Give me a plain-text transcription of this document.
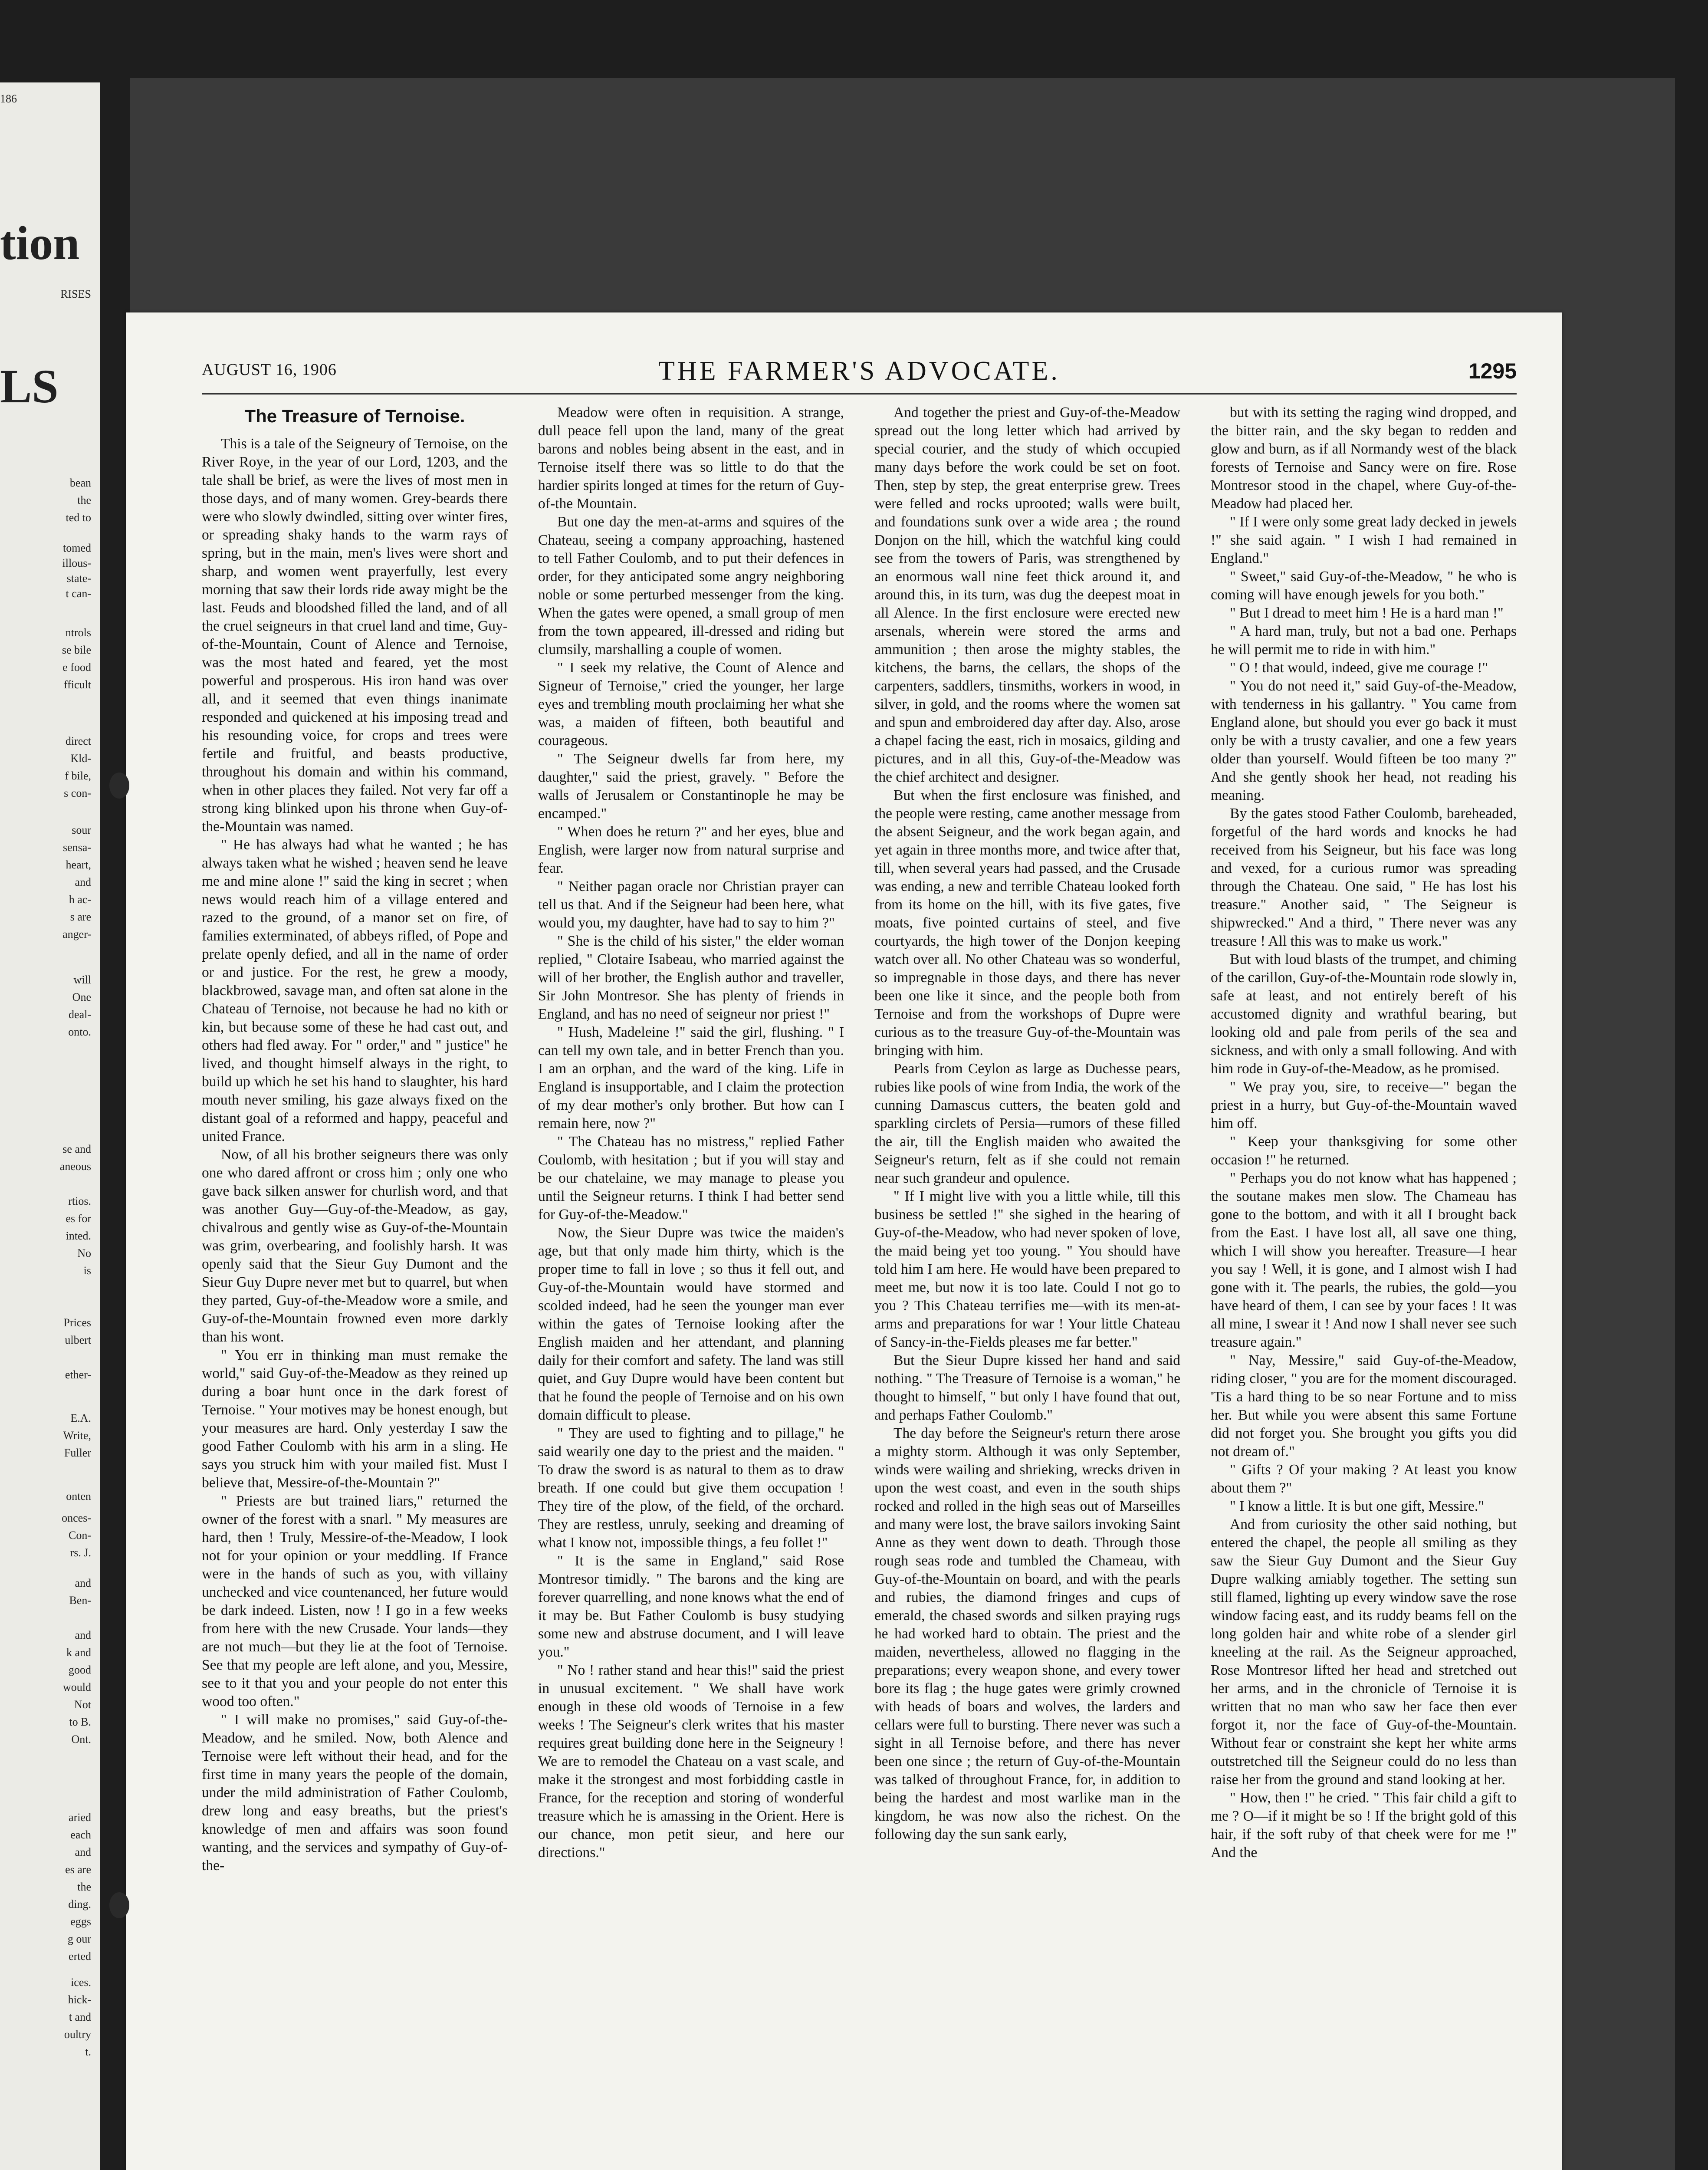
186
tion
RISES
LS
bean
the
ted to
tomed
illous-
state-
t can-
ntrols
se bile
e food
fficult
direct
Kld-
f bile,
s con-
sour
sensa-
heart,
and
h ac-
s are
anger-
will
One
deal-
onto.
se and
aneous
rtios.
es for
inted.
No
is
Prices
ulbert
ether-
E.A.
Write,
Fuller
onten
onces-
Con-
rs. J.
and
Ben-
and
k and
good
would
Not
to B.
Ont.
aried
each
and
es are
the
ding.
eggs
g our
erted
ices.
hick-
t and
oultry
t.
AUGUST 16, 1906	THE FARMER'S ADVOCATE.	1295
The Treasure of Ternoise.

This is a tale of the Seigneury of Ternoise, on the River Roye, in the year of our Lord, 1203, and the tale shall be brief, as were the lives of most men in those days, and of many women. Grey-beards there were who slowly dwindled, sitting over winter fires, or spreading shaky hands to the warm rays of spring, but in the main, men's lives were short and sharp, and women went prayerfully, lest every morning that saw their lords ride away might be the last. Feuds and bloodshed filled the land, and of all the cruel seigneurs in that cruel land and time, Guy-of-the-Mountain, Count of Alence and Ternoise, was the most hated and feared, yet the most powerful and prosperous. His iron hand was over all, and it seemed that even things inanimate responded and quickened at his imposing tread and his resounding voice, for crops and trees were fertile and fruitful, and beasts productive, throughout his domain and within his command, when in other places they failed. Not very far off a strong king blinked upon his throne when Guy-of-the-Mountain was named.

" He has always had what he wanted ; he has always taken what he wished ; heaven send he leave me and mine alone !" said the king in secret ; when news would reach him of a village entered and razed to the ground, of a manor set on fire, of families exterminated, of abbeys rifled, of Pope and prelate openly defied, and all in the name of order or and justice. For the rest, he grew a moody, blackbrowed, savage man, and often sat alone in the Chateau of Ternoise, not because he had no kith or kin, but because some of these he had cast out, and others had fled away. For " order," and " justice" he lived, and thought himself always in the right, to build up which he set his hand to slaughter, his hard mouth never smiling, his gaze always fixed on the distant goal of a reformed and happy, peaceful and united France.

Now, of all his brother seigneurs there was only one who dared affront or cross him ; only one who gave back silken answer for churlish word, and that was another Guy—Guy-of-the-Meadow, as gay, chivalrous and gently wise as Guy-of-the-Mountain was grim, overbearing, and foolishly harsh. It was openly said that the Sieur Guy Dumont and the Sieur Guy Dupre never met but to quarrel, but when they parted, Guy-of-the-Meadow wore a smile, and Guy-of-the-Mountain frowned even more darkly than his wont.

" You err in thinking man must remake the world," said Guy-of-the-Meadow as they reined up during a boar hunt once in the dark forest of Ternoise. " Your motives may be honest enough, but your measures are hard. Only yesterday I saw the good Father Coulomb with his arm in a sling. He says you struck him with your mailed fist. Must I believe that, Messire-of-the-Mountain ?"

" Priests are but trained liars," returned the owner of the forest with a snarl. " My measures are hard, then ! Truly, Messire-of-the-Meadow, I look not for your opinion or your meddling. If France were in the hands of such as you, with villainy unchecked and vice countenanced, her future would be dark indeed. Listen, now ! I go in a few weeks from here with the new Crusade. Your lands—they are not much—but they lie at the foot of Ternoise. See that my people are left alone, and you, Messire, see to it that you and your people do not enter this wood too often."

" I will make no promises," said Guy-of-the-Meadow, and he smiled. Now, both Alence and Ternoise were left without their head, and for the first time in many years the people of the domain, under the mild administration of Father Coulomb, drew long and easy breaths, but the priest's knowledge of men and affairs was soon found wanting, and the services and sympathy of Guy-of-the-

Meadow were often in requisition. A strange, dull peace fell upon the land, many of the great barons and nobles being absent in the east, and in Ternoise itself there was so little to do that the hardier spirits longed at times for the return of Guy-of-the Mountain.

But one day the men-at-arms and squires of the Chateau, seeing a company approaching, hastened to tell Father Coulomb, and to put their defences in order, for they anticipated some angry neighboring noble or some perturbed messenger from the king. When the gates were opened, a small group of men from the town appeared, ill-dressed and riding but clumsily, marshalling a couple of women.

" I seek my relative, the Count of Alence and Signeur of Ternoise," cried the younger, her large eyes and trembling mouth proclaiming her what she was, a maiden of fifteen, both beautiful and courageous.

" The Seigneur dwells far from here, my daughter," said the priest, gravely. " Before the walls of Jerusalem or Constantinople he may be encamped."

" When does he return ?" and her eyes, blue and English, were larger now from natural surprise and fear.

" Neither pagan oracle nor Christian prayer can tell us that. And if the Seigneur had been here, what would you, my daughter, have had to say to him ?"

" She is the child of his sister," the elder woman replied, " Clotaire Isabeau, who married against the will of her brother, the English author and traveller, Sir John Montresor. She has plenty of friends in England, and has no need of seigneur nor priest !"

" Hush, Madeleine !" said the girl, flushing. " I can tell my own tale, and in better French than you. I am an orphan, and the ward of the king. Life in England is insupportable, and I claim the protection of my dear mother's only brother. But how can I remain here, now ?"

" The Chateau has no mistress," replied Father Coulomb, with hesitation ; but if you will stay and be our chatelaine, we may manage to please you until the Seigneur returns. I think I had better send for Guy-of-the-Meadow."

Now, the Sieur Dupre was twice the maiden's age, but that only made him thirty, which is the proper time to fall in love ; so thus it fell out, and Guy-of-the-Mountain would have stormed and scolded indeed, had he seen the younger man ever within the gates of Ternoise looking after the English maiden and her attendant, and planning daily for their comfort and safety. The land was still quiet, and Guy Dupre would have been content but that he found the people of Ternoise and on his own domain difficult to please.

" They are used to fighting and to pillage," he said wearily one day to the priest and the maiden. " To draw the sword is as natural to them as to draw breath. If one could but give them occupation ! They tire of the plow, of the field, of the orchard. They are restless, unruly, seeking and dreaming of what I know not, impossible things, a feu follet !"

" It is the same in England," said Rose Montresor timidly. " The barons and the king are forever quarrelling, and none knows what the end of it may be. But Father Coulomb is busy studying some new and abstruse document, and I will leave you."

" No ! rather stand and hear this!" said the priest in unusual excitement. " We shall have work enough in these old woods of Ternoise in a few weeks ! The Seigneur's clerk writes that his master requires great building done here in the Seigneury ! We are to remodel the Chateau on a vast scale, and make it the strongest and most forbidding castle in France, for the reception and storing of wonderful treasure which he is amassing in the Orient. Here is our chance, mon petit sieur, and here our directions."

And together the priest and Guy-of-the-Meadow spread out the long letter which had arrived by special courier, and the study of which occupied many days before the work could be set on foot. Then, step by step, the great enterprise grew. Trees were felled and rocks uprooted; walls were built, and foundations sunk over a wide area ; the round Donjon on the hill, which the watchful king could see from the towers of Paris, was strengthened by an enormous wall nine feet thick around it, and around this, in its turn, was dug the deepest moat in all Alence. In the first enclosure were erected new arsenals, wherein were stored the arms and ammunition ; then arose the mighty stables, the kitchens, the barns, the cellars, the shops of the carpenters, saddlers, tinsmiths, workers in wood, in silver, in gold, and the rooms where the women sat and spun and embroidered day after day. Also, arose a chapel facing the east, rich in mosaics, gilding and pictures, and in all this, Guy-of-the-Meadow was the chief architect and designer.

But when the first enclosure was finished, and the people were resting, came another message from the absent Seigneur, and the work began again, and yet again in three months more, and twice after that, till, when several years had passed, and the Crusade was ending, a new and terrible Chateau looked forth from its home on the hill, with its five gates, five moats, five pointed curtains of steel, and five courtyards, the high tower of the Donjon keeping watch over all. No other Chateau was so wonderful, so impregnable in those days, and there has never been one like it since, and the people both from Ternoise and from the workshops of Dupre were curious as to the treasure Guy-of-the-Mountain was bringing with him.

Pearls from Ceylon as large as Duchesse pears, rubies like pools of wine from India, the work of the cunning Damascus cutters, the beaten gold and sparkling circlets of Persia—rumors of these filled the air, till the English maiden who awaited the Seigneur's return, felt as if she could not remain near such grandeur and opulence.

" If I might live with you a little while, till this business be settled !" she sighed in the hearing of Guy-of-the-Meadow, who had never spoken of love, the maid being yet too young. " You should have told him I am here. He would have been prepared to meet me, but now it is too late. Could I not go to you ? This Chateau terrifies me—with its men-at-arms and preparations for war ! Your little Chateau of Sancy-in-the-Fields pleases me far better."

But the Sieur Dupre kissed her hand and said nothing. " The Treasure of Ternoise is a woman," he thought to himself, " but only I have found that out, and perhaps Father Coulomb."

The day before the Seigneur's return there arose a mighty storm. Although it was only September, winds were wailing and shrieking, wrecks driven in upon the west coast, and even in the south ships rocked and rolled in the high seas out of Marseilles and many were lost, the brave sailors invoking Saint Anne as they went down to death. Through those rough seas rode and tumbled the Chameau, with Guy-of-the-Mountain on board, and with the pearls and rubies, the diamond fringes and cups of emerald, the chased swords and silken praying rugs he had worked hard to obtain. The priest and the maiden, nevertheless, allowed no flagging in the preparations; every weapon shone, and every tower bore its flag ; the huge gates were grimly crowned with heads of boars and wolves, the larders and cellars were full to bursting. There never was such a sight in all Ternoise before, and there has never been one since ; the return of Guy-of-the-Mountain was talked of throughout France, for, in addition to being the hardest and most warlike man in the kingdom, he was now also the richest. On the following day the sun sank early,

but with its setting the raging wind dropped, and the bitter rain, and the sky began to redden and glow and burn, as if all Normandy west of the black forests of Ternoise and Sancy were on fire. Rose Montresor stood in the chapel, where Guy-of-the-Meadow had placed her.

" If I were only some great lady decked in jewels !" she said again. " I wish I had remained in England."

" Sweet," said Guy-of-the-Meadow, " he who is coming will have enough jewels for you both."

" But I dread to meet him ! He is a hard man !"

" A hard man, truly, but not a bad one. Perhaps he will permit me to ride in with him."

" O ! that would, indeed, give me courage !"

" You do not need it," said Guy-of-the-Meadow, with tenderness in his gallantry. " You came from England alone, but should you ever go back it must only be with a trusty cavalier, and one a few years older than yourself. Would fifteen be too many ?" And she gently shook her head, not reading his meaning.

By the gates stood Father Coulomb, bareheaded, forgetful of the hard words and knocks he had received from his Seigneur, but his face was long and vexed, for a curious rumor was spreading through the Chateau. One said, " He has lost his treasure." Another said, " The Seigneur is shipwrecked." And a third, " There never was any treasure ! All this was to make us work."

But with loud blasts of the trumpet, and chiming of the carillon, Guy-of-the-Mountain rode slowly in, safe at least, and not entirely bereft of his accustomed dignity and wrathful bearing, but looking old and pale from perils of the sea and sickness, and with only a small following. And with him rode in Guy-of-the-Meadow, as he promised.

" We pray you, sire, to receive—" began the priest in a hurry, but Guy-of-the-Mountain waved him off.

" Keep your thanksgiving for some other occasion !" he returned.

" Perhaps you do not know what has happened ; the soutane makes men slow. The Chameau has gone to the bottom, and with it all I brought back from the East. I have lost all, all save one thing, which I will show you hereafter. Treasure—I hear you say ! Well, it is gone, and I almost wish I had gone with it. The pearls, the rubies, the gold—you have heard of them, I can see by your faces ! It was all mine, I swear it ! And now I shall never see such treasure again."

" Nay, Messire," said Guy-of-the-Meadow, riding closer, " you are for the moment discouraged. 'Tis a hard thing to be so near Fortune and to miss her. But while you were absent this same Fortune did not forget you. She brought you gifts you did not dream of."

" Gifts ? Of your making ? At least you know about them ?"

" I know a little. It is but one gift, Messire."

And from curiosity the other said nothing, but entered the chapel, the people all smiling as they saw the Sieur Guy Dumont and the Sieur Guy Dupre walking amiably together. The setting sun still flamed, lighting up every window save the rose window facing east, and its ruddy beams fell on the long golden hair and white robe of a slender girl kneeling at the rail. As the Seigneur approached, Rose Montresor lifted her head and stretched out her arms, and in the chronicle of Ternoise it is written that no man who saw her face then ever forgot it, nor the face of Guy-of-the-Mountain. Without fear or constraint she kept her white arms outstretched till the Seigneur could do no less than raise her from the ground and stand looking at her.

" How, then !" he cried. " This fair child a gift to me ? O—if it might be so ! If the bright gold of this hair, if the soft ruby of that cheek were for me !" And the
